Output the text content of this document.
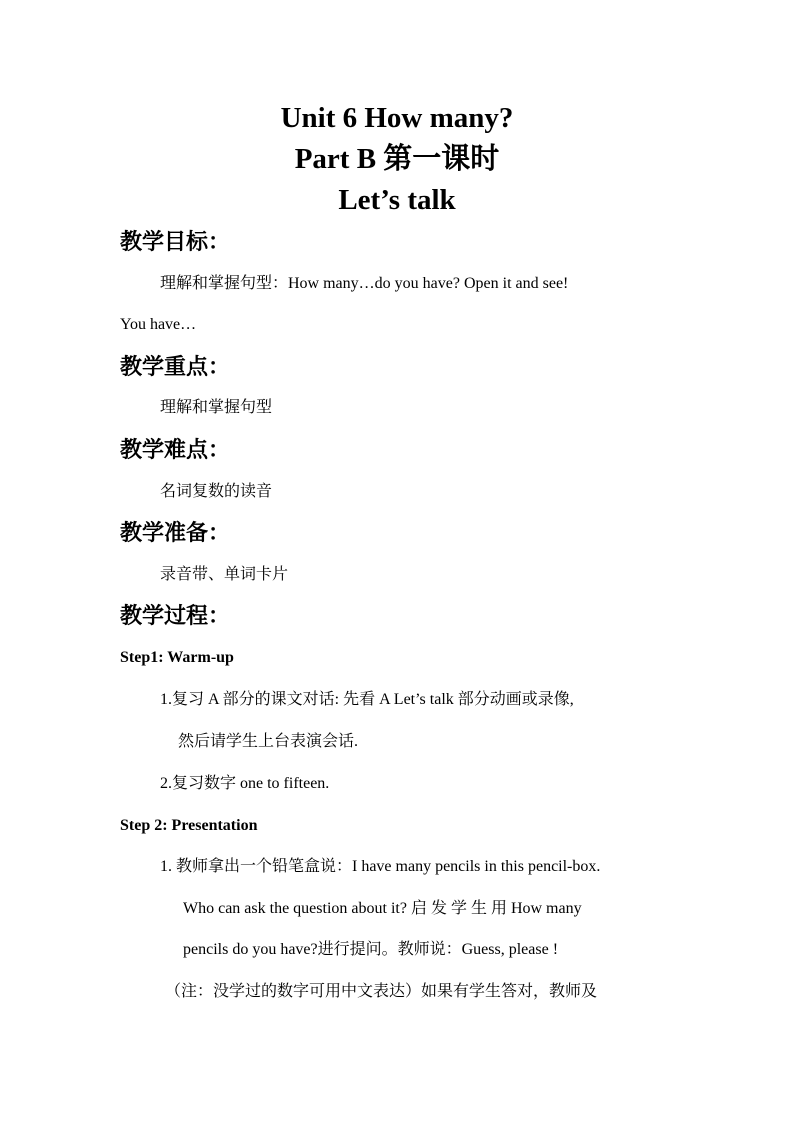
Unit 6 How many?
Part B 第一课时
Let’s talk
教学目标：

理解和掌握句型：How many…do you have? Open it and see!

You have…

教学重点：

理解和掌握句型

教学难点：

名词复数的读音

教学准备：

录音带、单词卡片

教学过程：

Step1: Warm-up

1.复习 A 部分的课文对话: 先看 A Let’s talk 部分动画或录像,

然后请学生上台表演会话.

2.复习数字 one to fifteen.

Step 2: Presentation

1. 教师拿出一个铅笔盒说：I have many pencils in this pencil-box.

Who can ask the question about it? 启 发 学 生 用 How many

pencils do you have?进行提问。教师说：Guess, please !

（注：没学过的数字可用中文表达）如果有学生答对，教师及
